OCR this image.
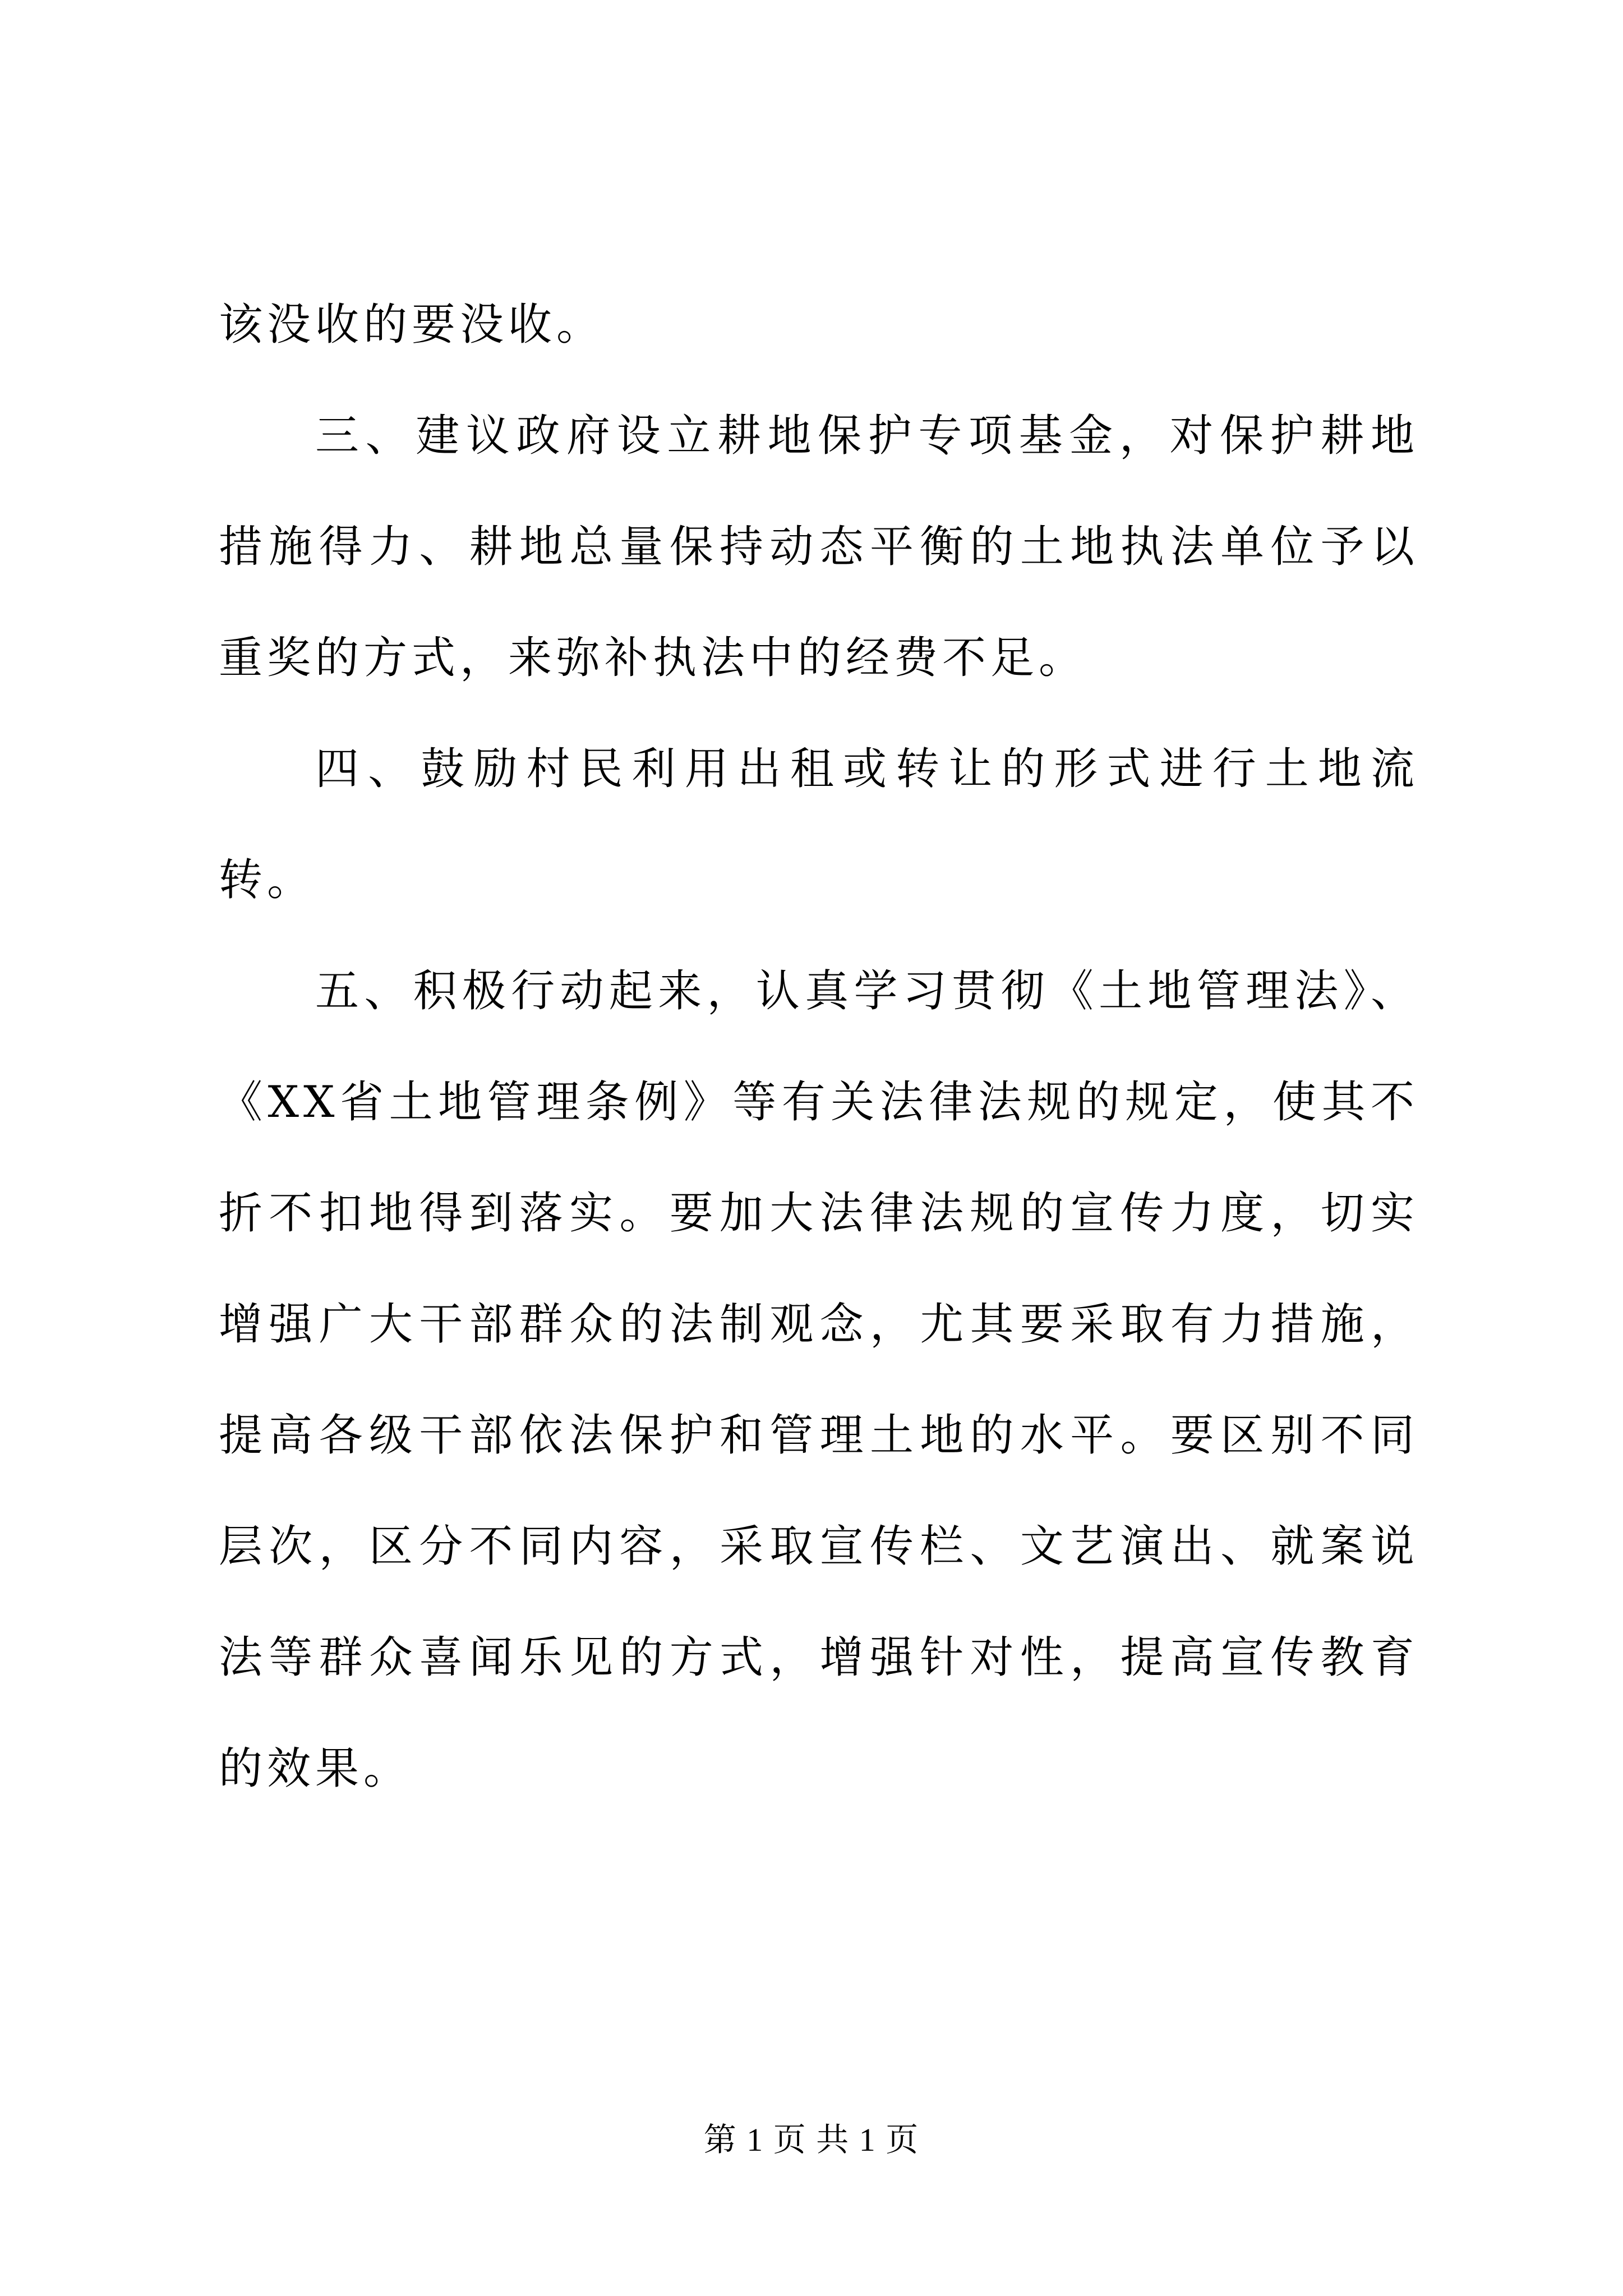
该没收的要没收。

三、建议政府设立耕地保护专项基金，对保护耕地措施得力、耕地总量保持动态平衡的土地执法单位予以重奖的方式，来弥补执法中的经费不足。

四、鼓励村民利用出租或转让的形式进行土地流转。

五、积极行动起来，认真学习贯彻《土地管理法》、《XX省土地管理条例》等有关法律法规的规定，使其不折不扣地得到落实。要加大法律法规的宣传力度，切实增强广大干部群众的法制观念，尤其要采取有力措施，提高各级干部依法保护和管理土地的水平。要区别不同层次，区分不同内容，采取宣传栏、文艺演出、就案说法等群众喜闻乐见的方式，增强针对性，提高宣传教育的效果。

第 1 页 共 1 页
